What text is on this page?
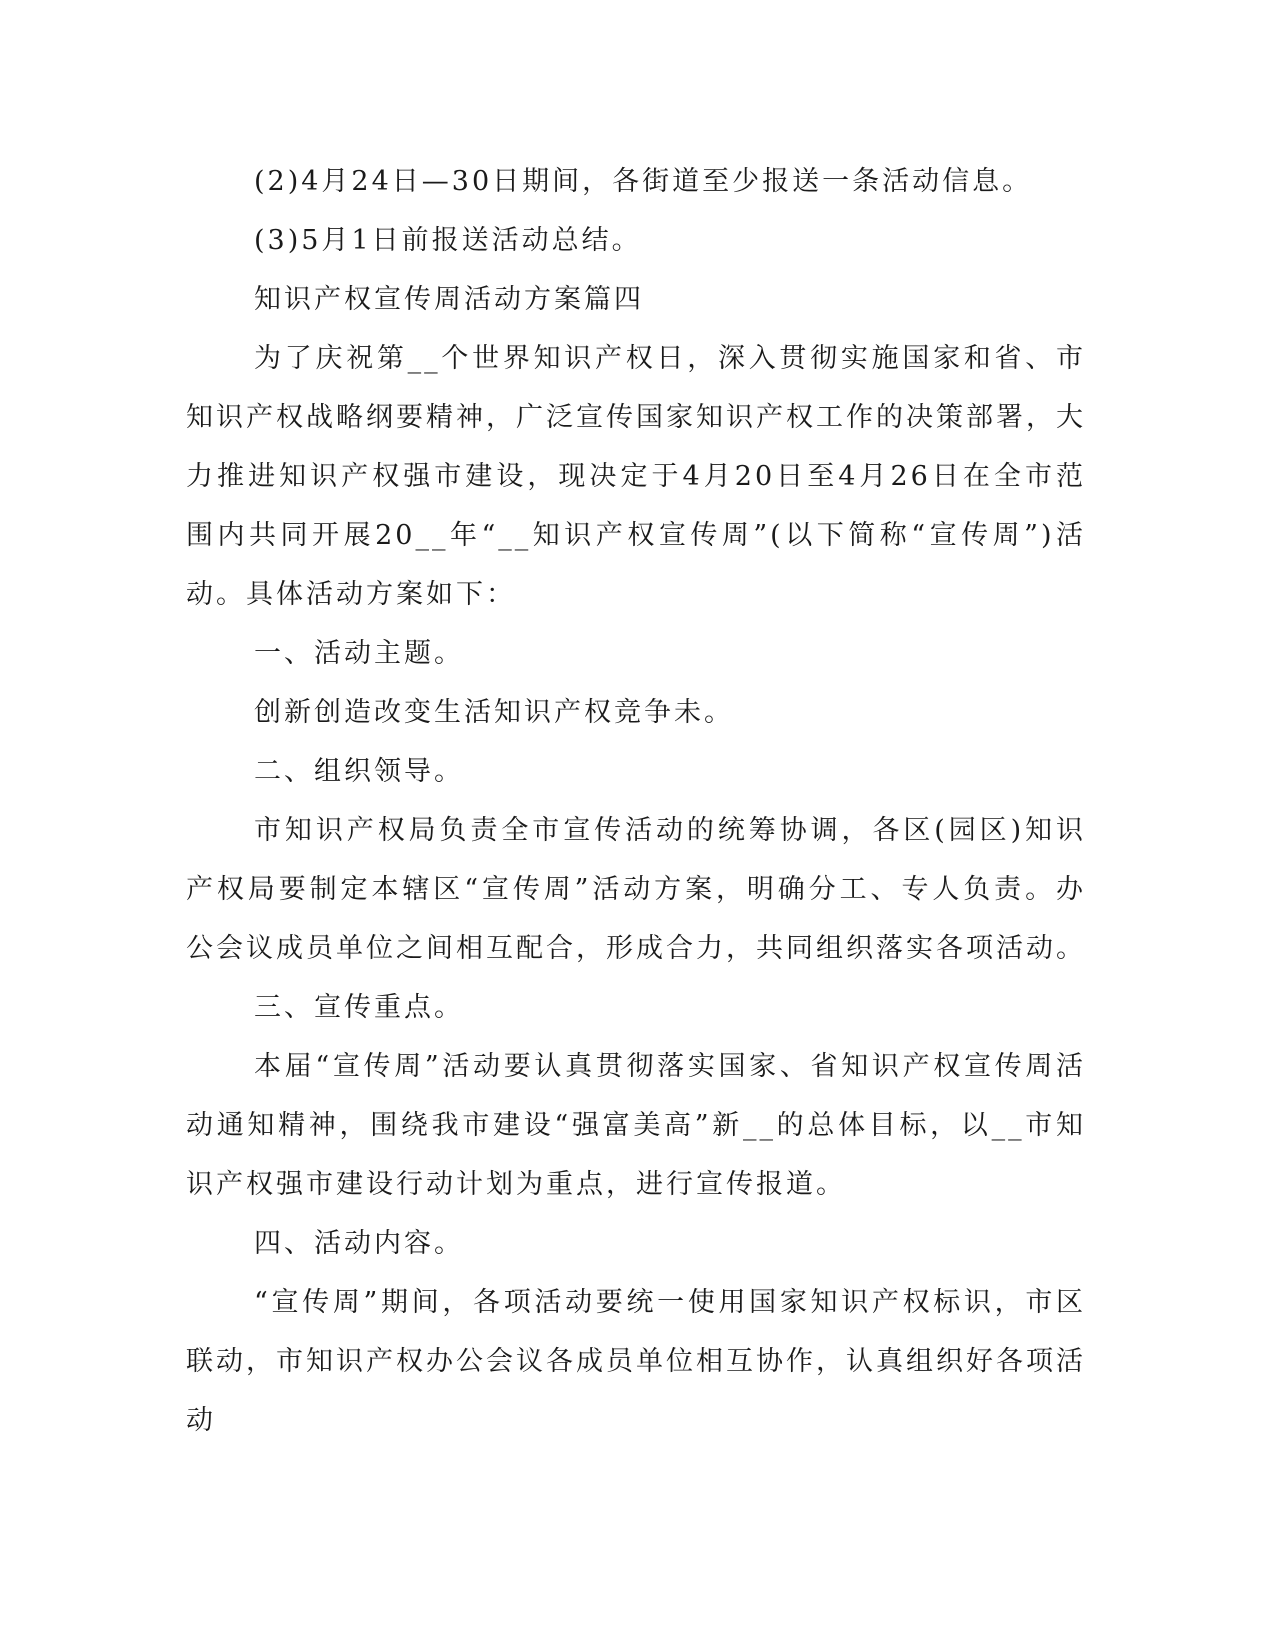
(2)4月24日—30日期间，各街道至少报送一条活动信息。

(3)5月1日前报送活动总结。

知识产权宣传周活动方案篇四

为了庆祝第__个世界知识产权日，深入贯彻实施国家和省、市知识产权战略纲要精神，广泛宣传国家知识产权工作的决策部署，大力推进知识产权强市建设，现决定于4月20日至4月26日在全市范围内共同开展20__年“__知识产权宣传周”(以下简称“宣传周”)活动。具体活动方案如下：

一、活动主题。

创新创造改变生活知识产权竞争未。

二、组织领导。

市知识产权局负责全市宣传活动的统筹协调，各区(园区)知识产权局要制定本辖区“宣传周”活动方案，明确分工、专人负责。办公会议成员单位之间相互配合，形成合力，共同组织落实各项活动。

三、宣传重点。

本届“宣传周”活动要认真贯彻落实国家、省知识产权宣传周活动通知精神，围绕我市建设“强富美高”新__的总体目标，以__市知识产权强市建设行动计划为重点，进行宣传报道。

四、活动内容。

“宣传周”期间，各项活动要统一使用国家知识产权标识，市区联动，市知识产权办公会议各成员单位相互协作，认真组织好各项活动
